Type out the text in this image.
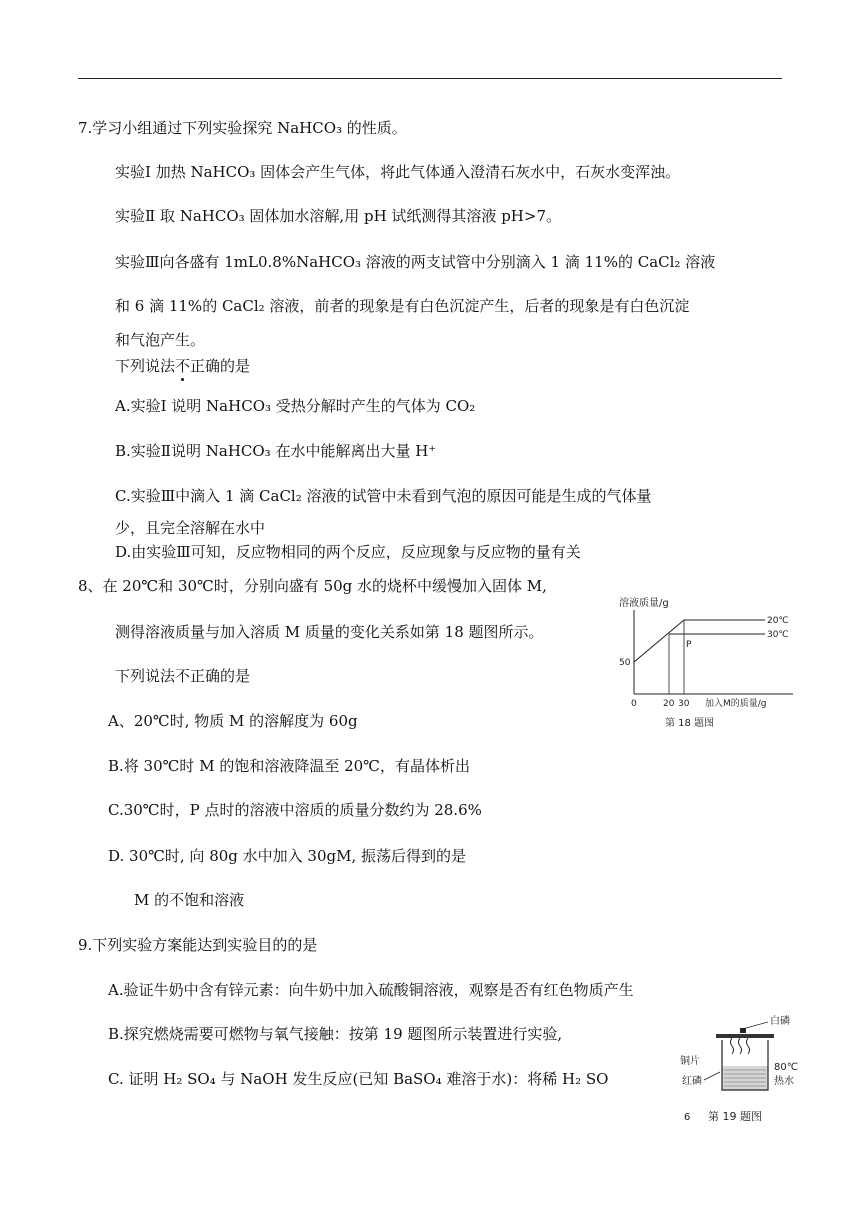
7.学习小组通过下列实验探究 NaHCO₃ 的性质。
实验Ⅰ 加热 NaHCO₃ 固体会产生气体，将此气体通入澄清石灰水中，石灰水变浑浊。
实验Ⅱ 取 NaHCO₃ 固体加水溶解,用 pH 试纸测得其溶液 pH>7。
实验Ⅲ向各盛有 1mL0.8%NaHCO₃ 溶液的两支试管中分别滴入 1 滴 11%的 CaCl₂ 溶液
和 6 滴 11%的 CaCl₂ 溶液，前者的现象是有白色沉淀产生，后者的现象是有白色沉淀
和气泡产生。
下列说法不正确的是
A.实验Ⅰ 说明 NaHCO₃ 受热分解时产生的气体为 CO₂
B.实验Ⅱ说明 NaHCO₃ 在水中能解离出大量 H⁺
C.实验Ⅲ中滴入 1 滴 CaCl₂ 溶液的试管中未看到气泡的原因可能是生成的气体量
少，且完全溶解在水中
D.由实验Ⅲ可知，反应物相同的两个反应，反应现象与反应物的量有关
8、在 20℃和 30℃时，分别向盛有 50g 水的烧杯中缓慢加入固体 M,
测得溶液质量与加入溶质 M 质量的变化关系如第 18 题图所示。
下列说法不正确的是
A、20℃时, 物质 M 的溶解度为 60g
B.将 30℃时 M 的饱和溶液降温至 20℃，有晶体析出
C.30℃时，P 点时的溶液中溶质的质量分数约为 28.6%
D. 30℃时, 向 80g 水中加入 30gM, 振荡后得到的是
M 的不饱和溶液
溶液质量/g
20℃
30℃
P
50
0	20 30 加入M的质量/g
第 18 题图
9.下列实验方案能达到实验目的的是
A.验证牛奶中含有锌元素：向牛奶中加入硫酸铜溶液，观察是否有红色物质产生
B.探究燃烧需要可燃物与氧气接触：按第 19 题图所示装置进行实验,
C. 证明 H₂ SO₄ 与 NaOH 发生反应(已知 BaSO₄ 难溶于水)：将稀 H₂ SO
白磷
铜片
红磷
80℃
热水
6 第 19 题图
